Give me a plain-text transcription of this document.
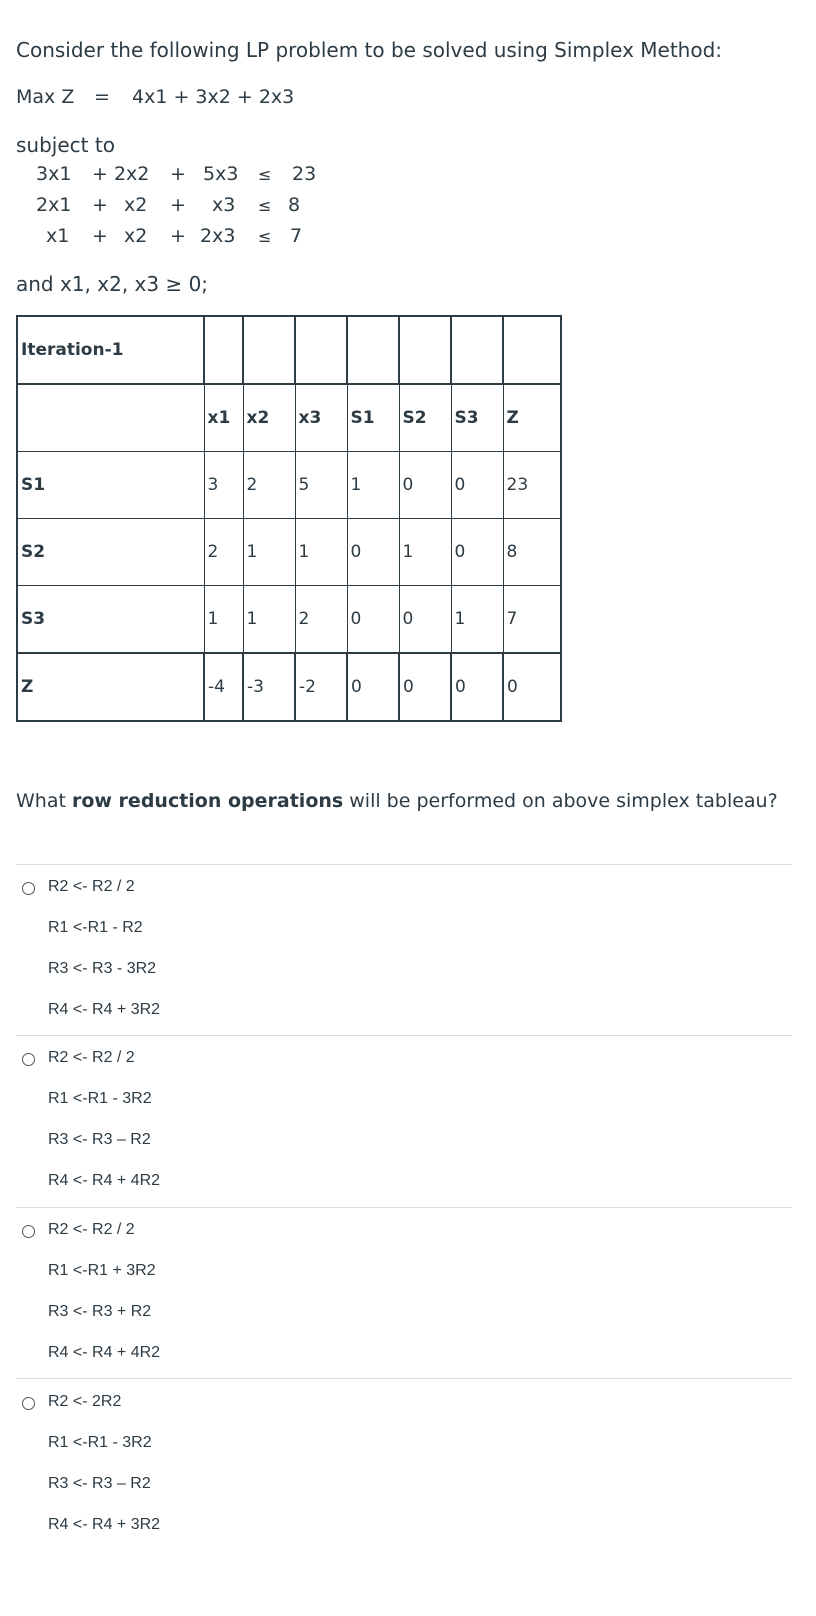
Consider the following LP problem to be solved using Simplex Method:
Max Z = 4x1 + 3x2 + 2x3
subject to
3x1 + 2x2 + 5x3 ≤ 23
2x1 + x2 + x3 ≤ 8
x1 + x2 + 2x3 ≤ 7
and x1, x2, x3 ≥ 0;
Iteration-1							
	x1	x2	x3	S1	S2	S3	Z
S1	3	2	5	1	0	0	23
S2	2	1	1	0	1	0	8
S3	1	1	2	0	0	1	7
Z	-4	-3	-2	0	0	0	0
What row reduction operations will be performed on above simplex tableau?
R2 <- R2 / 2
R1 <-R1 - R2
R3 <- R3 - 3R2
R4 <- R4 + 3R2
R2 <- R2 / 2
R1 <-R1 - 3R2
R3 <- R3 – R2
R4 <- R4 + 4R2
R2 <- R2 / 2
R1 <-R1 + 3R2
R3 <- R3 + R2
R4 <- R4 + 4R2
R2 <- 2R2
R1 <-R1 - 3R2
R3 <- R3 – R2
R4 <- R4 + 3R2
